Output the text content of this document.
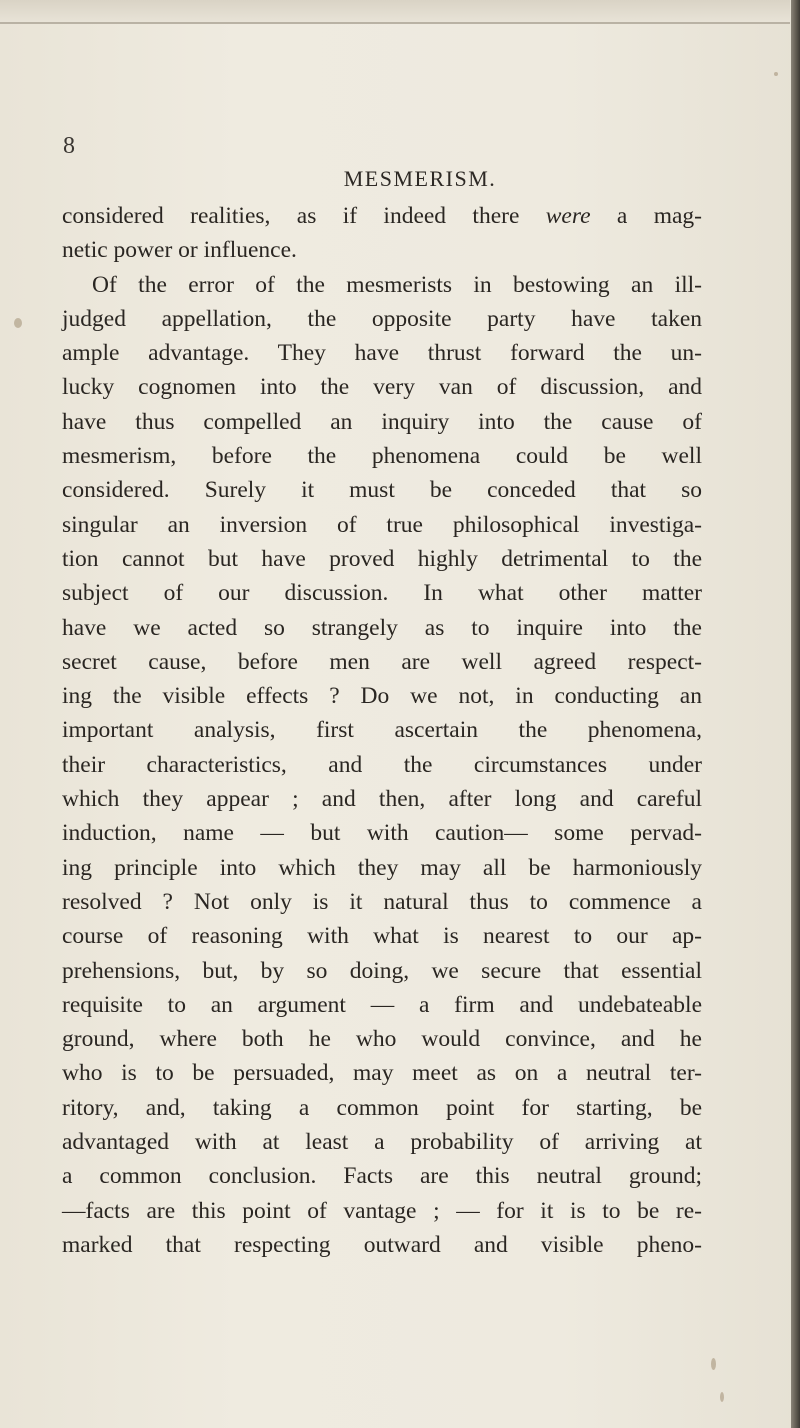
8
MESMERISM.
considered realities, as if indeed there were a mag-
netic power or influence.
Of the error of the mesmerists in bestowing an ill-
judged appellation, the opposite party have taken
ample advantage. They have thrust forward the un-
lucky cognomen into the very van of discussion, and
have thus compelled an inquiry into the cause of
mesmerism, before the phenomena could be well
considered. Surely it must be conceded that so
singular an inversion of true philosophical investiga-
tion cannot but have proved highly detrimental to the
subject of our discussion. In what other matter
have we acted so strangely as to inquire into the
secret cause, before men are well agreed respect-
ing the visible effects ? Do we not, in conducting an
important analysis, first ascertain the phenomena,
their characteristics, and the circumstances under
which they appear ; and then, after long and careful
induction, name — but with caution— some pervad-
ing principle into which they may all be harmoniously
resolved ? Not only is it natural thus to commence a
course of reasoning with what is nearest to our ap-
prehensions, but, by so doing, we secure that essential
requisite to an argument — a firm and undebateable
ground, where both he who would convince, and he
who is to be persuaded, may meet as on a neutral ter-
ritory, and, taking a common point for starting, be
advantaged with at least a probability of arriving at
a common conclusion. Facts are this neutral ground;
—facts are this point of vantage ; — for it is to be re-
marked that respecting outward and visible pheno-
